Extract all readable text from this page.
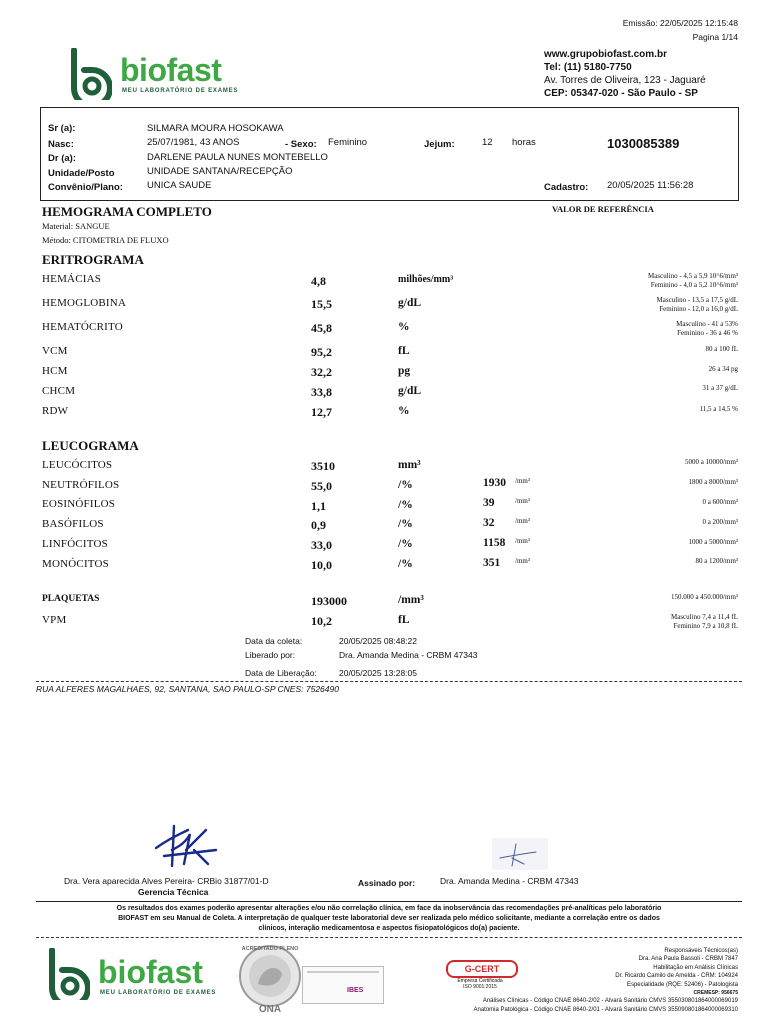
Emissão: 22/05/2025 12:15:48
Pagina 1/14
biofast
MEU LABORATÓRIO DE EXAMES
www.grupobiofast.com.br
Tel: (11) 5180-7750
Av. Torres de Oliveira, 123 - Jaguaré
CEP: 05347-020 - São Paulo - SP
Sr (a):	SILMARA MOURA HOSOKAWA
Nasc:	25/07/1981, 43 ANOS	- Sexo: Feminino	Jejum:	12 horas	1030085389
Dr (a):	DARLENE PAULA NUNES MONTEBELLO
Unidade/Posto	UNIDADE SANTANA/RECEPÇÃO
Convênio/Plano:	UNICA SAUDE	Cadastro: 20/05/2025 11:56:28
HEMOGRAMA COMPLETO	VALOR DE REFERÊNCIA
Material: SANGUE
Método: CITOMETRIA DE FLUXO
ERITROGRAMA
HEMÁCIAS	4,8	milhões/mm³	Masculino - 4,5 a 5,9 10^6/mm³
Feminino - 4,0 a 5,2 10^6/mm³
HEMOGLOBINA	15,5	g/dL	Masculino - 13,5 a 17,5 g/dL
Feminino - 12,0 a 16,0 g/dL
HEMATÓCRITO	45,8	%	Masculino - 41 a 53%
Feminino - 36 a 46 %
VCM	95,2	fL	80 a 100 fL
HCM	32,2	pg	26 a 34 pg
CHCM	33,8	g/dL	31 a 37 g/dL
RDW	12,7	%	11,5 a 14,5 %
LEUCOGRAMA
LEUCÓCITOS	3510	mm³	5000 a 10000/mm³
NEUTRÓFILOS	55,0	/%	1930 /mm³	1800 a 8000/mm³
EOSINÓFILOS	1,1	/%	39	/mm³	0 a 600/mm³
BASÓFILOS	0,9	/%	32	/mm³	0 a 200/mm³
LINFÓCITOS	33,0	/%	1158 /mm³	1000 a 5000/mm³
MONÓCITOS	10,0	/%	351 /mm³	80 a 1200/mm³
PLAQUETAS	193000	/mm³	150.000 a 450.000/mm³
VPM	10,2	fL	Masculino 7,4 a 11,4 fL
Feminino 7,9 a 10,8 fL
Data da coleta:	20/05/2025 08:48:22
Liberado por:	Dra. Amanda Medina - CRBM 47343
Data de Liberação:	20/05/2025 13:28:05
RUA ALFERES MAGALHAES, 92, SANTANA, SAO PAULO-SP CNES: 7526490
Dra. Vera aparecida Alves Pereira- CRBio 31877/01-D
Gerencia Técnica
Assinado por:	Dra. Amanda Medina - CRBM 47343
Os resultados dos exames poderão apresentar alterações e/ou não correlação clínica, em face da inobservância das recomendações pré-analíticas pelo laboratório
BIOFAST em seu Manual de Coleta. A interpretação de qualquer teste laboratorial deve ser realizada pelo médico solicitante, mediante a correlação entre os dados
clínicos, interação medicamentosa e aspectos fisiopatológicos do(a) paciente.
biofast
MEU LABORATÓRIO DE EXAMES
ACREDITADO PLENO
ONA
IBES
G-CERT
Empresa Certificada
ISO 9001:2015
Responsáveis Técnicos(as)
Dra. Ana Paula Bassoli - CRBM 7847
Habilitação em Análisis Clínicas
Dr. Ricardo Camilo de Amelda - CRM: 104924
Especialidade (RQE: 52406) - Patologista
CREMESP: 956675
Análises Clínicas - Código CNAE 8640-2/02 - Alvará Sanitário CMVS 355030801864000069019
Anatomia Patológica - Código CNAE 8640-2/01 - Alvará Sanitário CMVS 355090801864000069310
